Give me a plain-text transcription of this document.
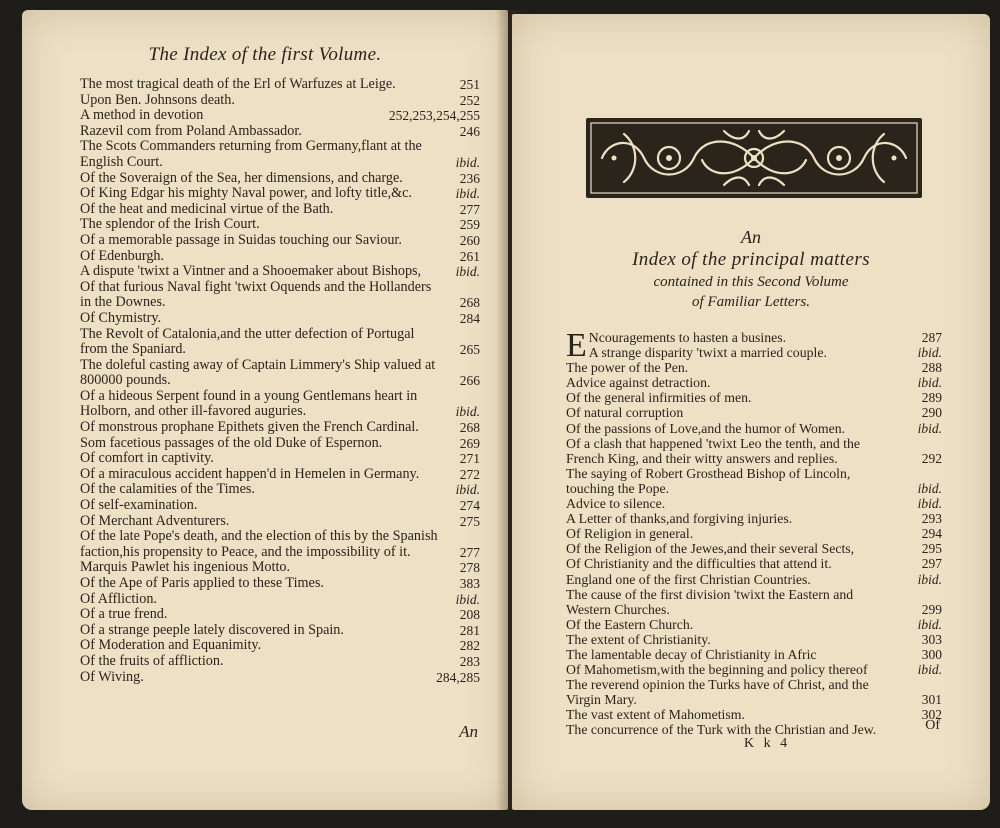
The Index of the first Volume.
The most tragical death of the Erl of Warfuzes at Leige.	251
Upon Ben. Johnsons death.	252
A method in devotion	252,253,254,255
Razevil com from Poland Ambassador.	246
The Scots Commanders returning from Germany,flant at the English Court.	ibid.
Of the Soveraign of the Sea, her dimensions, and charge.	236
Of King Edgar his mighty Naval power, and lofty title,&c.	ibid.
Of the heat and medicinal virtue of the Bath.	277
The splendor of the Irish Court.	259
Of a memorable passage in Suidas touching our Saviour.	260
Of Edenburgh.	261
A dispute 'twixt a Vintner and a Shooemaker about Bishops,	ibid.
Of that furious Naval fight 'twixt Oquends and the Hollanders in the Downes.	268
Of Chymistry.	284
The Revolt of Catalonia,and the utter defection of Portugal from the Spaniard.	265
The doleful casting away of Captain Limmery's Ship valued at 800000 pounds.	266
Of a hideous Serpent found in a young Gentlemans heart in Holborn, and other ill-favored auguries.	ibid.
Of monstrous prophane Epithets given the French Cardinal.	268
Som facetious passages of the old Duke of Espernon.	269
Of comfort in captivity.	271
Of a miraculous accident happen'd in Hemelen in Germany.	272
Of the calamities of the Times.	ibid.
Of self-examination.	274
Of Merchant Adventurers.	275
Of the late Pope's death, and the election of this by the Spanish faction,his propensity to Peace, and the impossibility of it.	277
Marquis Pawlet his ingenious Motto.	278
Of the Ape of Paris applied to these Times.	383
Of Affliction.	ibid.
Of a true frend.	208
Of a strange peeple lately discovered in Spain.	281
Of Moderation and Equanimity.	282
Of the fruits of affliction.	283
Of Wiving.	284,285
An
An
Index of the principal matters
contained in this Second Volume
of Familiar Letters.
E Ncouragements to hasten a busines.	287
A strange disparity 'twixt a married couple.	ibid.
The power of the Pen.	288
Advice against detraction.	ibid.
Of the general infirmities of men.	289
Of natural corruption	290
Of the passions of Love,and the humor of Women.	ibid.
Of a clash that happened 'twixt Leo the tenth, and the French King, and their witty answers and replies.	292
The saying of Robert Grosthead Bishop of Lincoln, touching the Pope.	ibid.
Advice to silence.	ibid.
A Letter of thanks,and forgiving injuries.	293
Of Religion in general.	294
Of the Religion of the Jewes,and their several Sects,	295
Of Christianity and the difficulties that attend it.	297
England one of the first Christian Countries.	ibid.
The cause of the first division 'twixt the Eastern and Western Churches.	299
Of the Eastern Church.	ibid.
The extent of Christianity.	303
The lamentable decay of Christianity in Afric	300
Of Mahometism,with the beginning and policy thereof	ibid.
The reverend opinion the Turks have of Christ, and the Virgin Mary.	301
The vast extent of Mahometism.	302
The concurrence of the Turk with the Christian and Jew.
K k 4
Of
